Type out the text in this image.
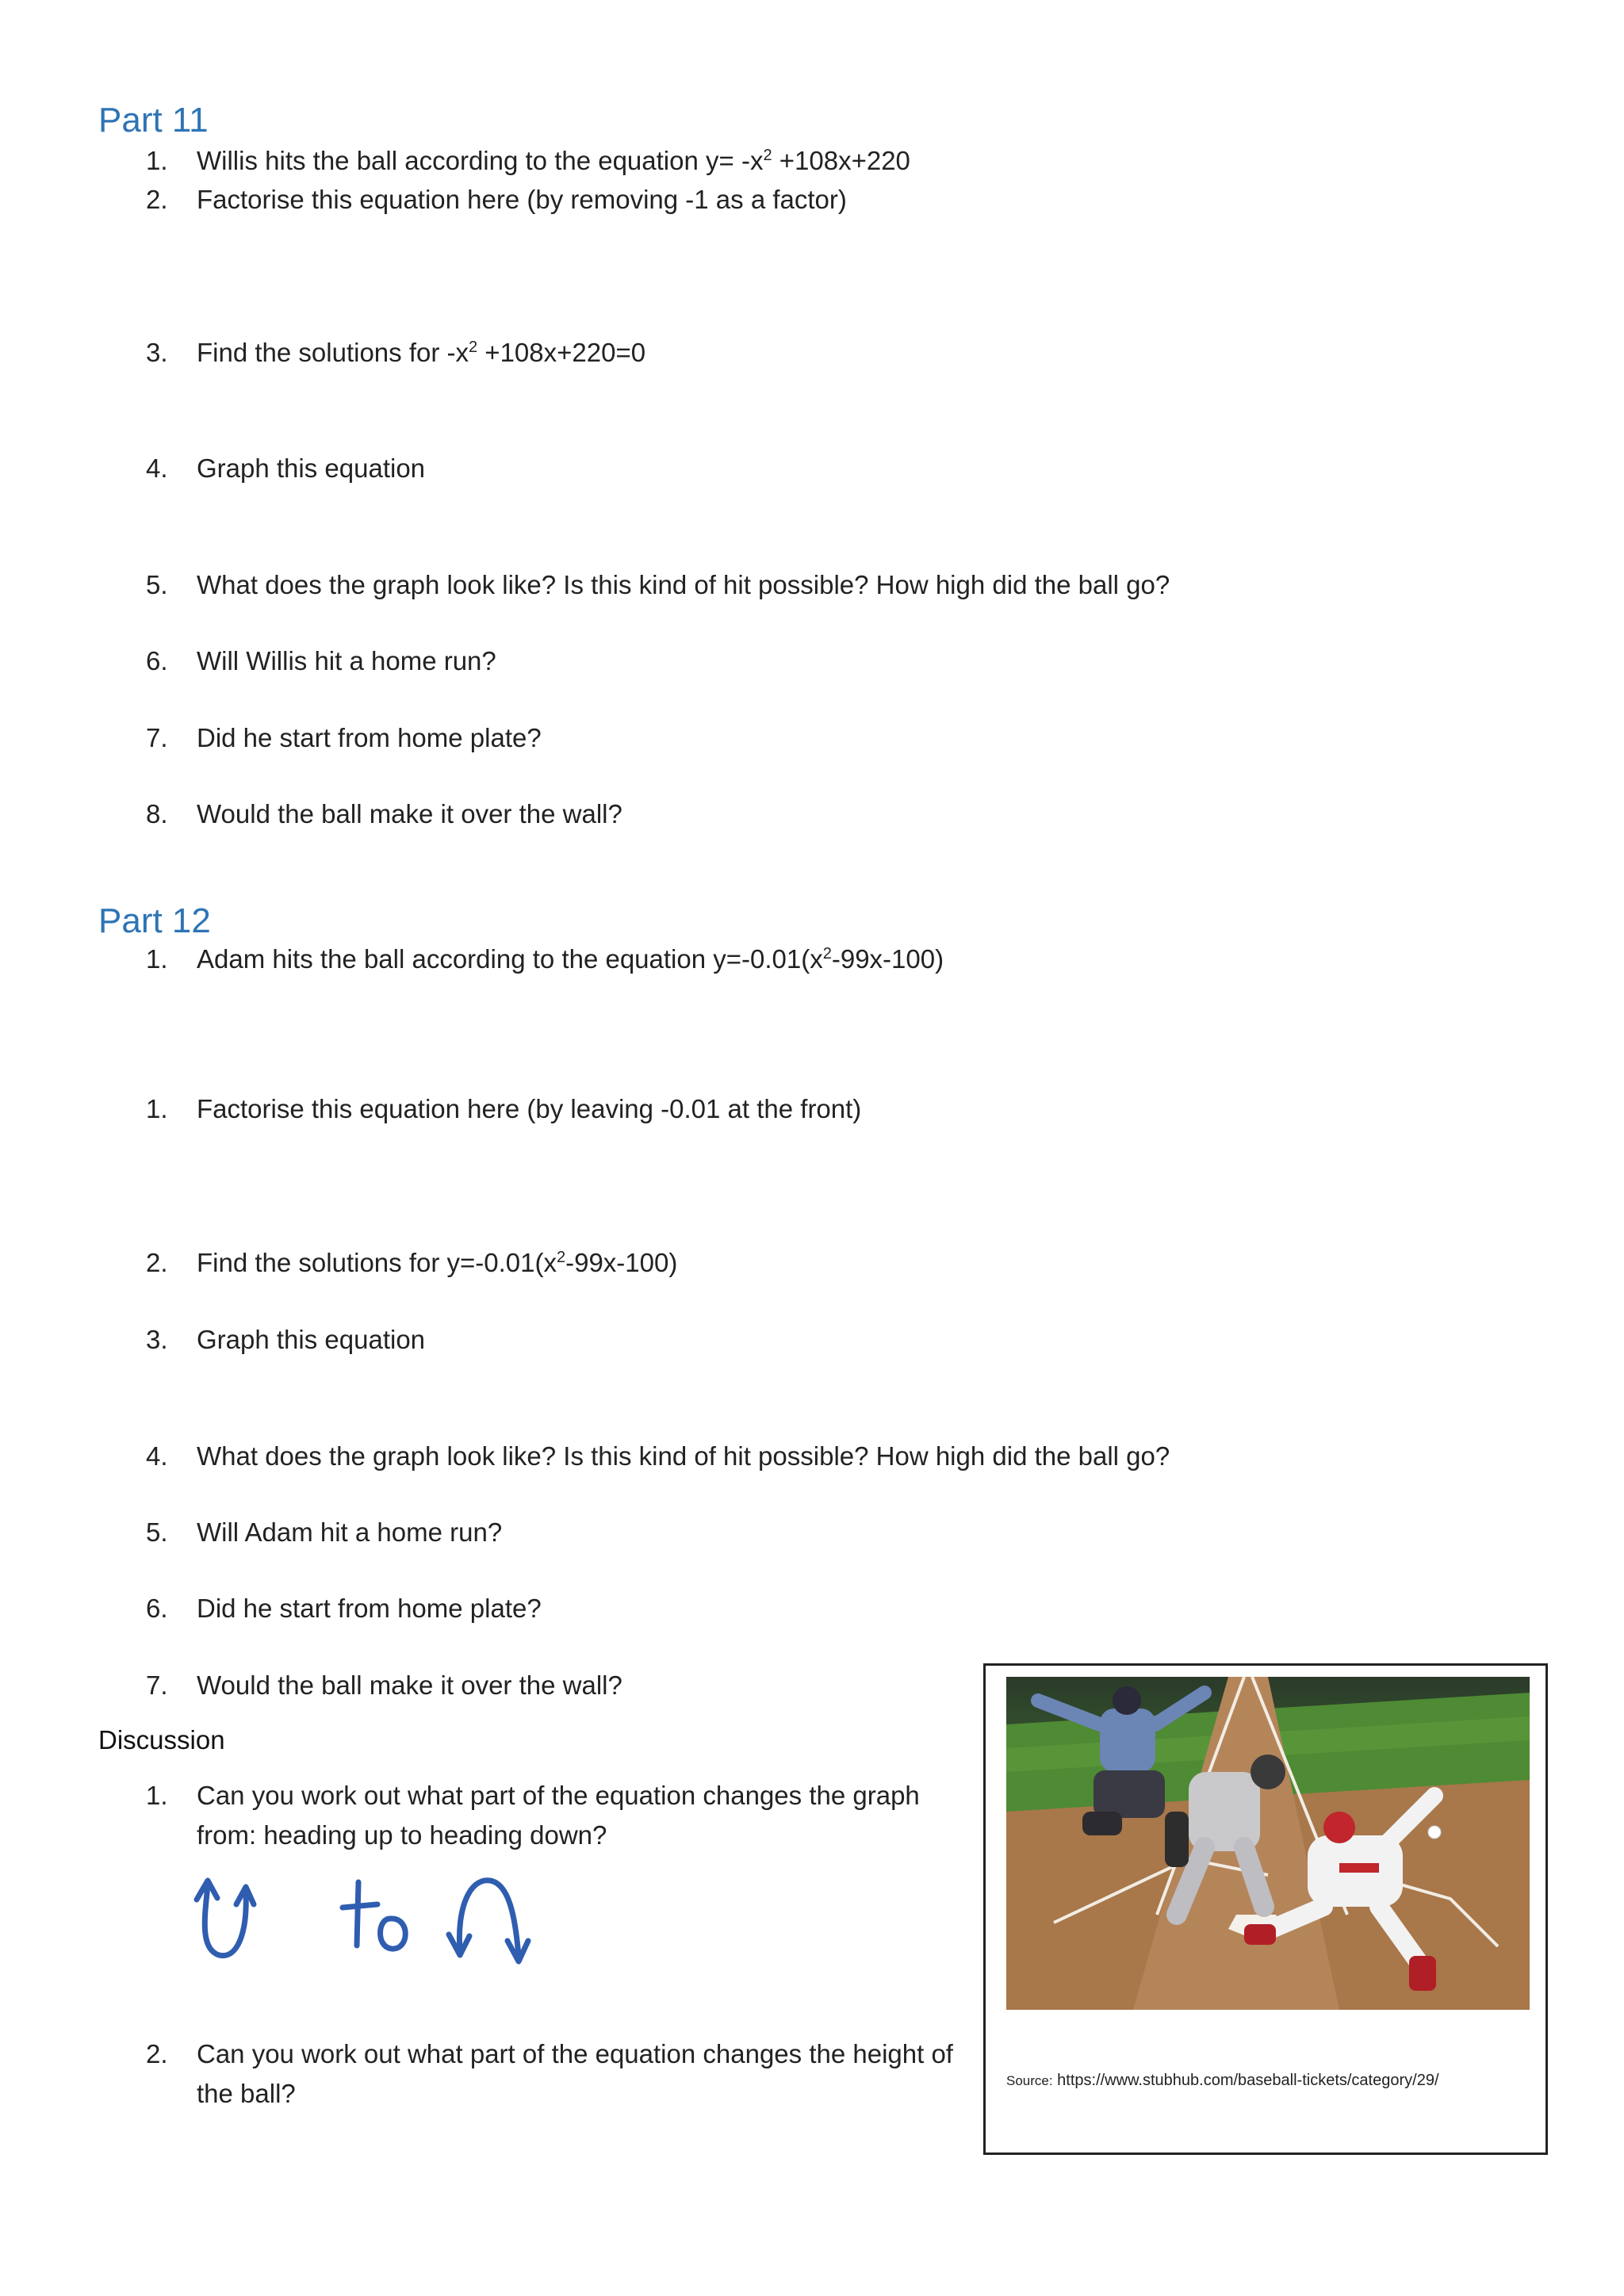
Part 11
1.	Willis hits the ball according to the equation $y= -x^2 +108x+220$
2.	Factorise this equation here (by removing -1 as a factor)
3.	Find the solutions for $-x^2 +108x+220=0$
4.	Graph this equation
5.	What does the graph look like? Is this kind of hit possible? How high did the ball go?
6.	Will Willis hit a home run?
7.	Did he start from home plate?
8.	Would the ball make it over the wall?
Part 12
1.	Adam hits the ball according to the equation $y=-0.01(x^2-99x-100)$
1.	Factorise this equation here (by leaving -0.01 at the front)
2.	Find the solutions for $y=-0.01(x^2-99x-100)$
3.	Graph this equation
4.	What does the graph look like? Is this kind of hit possible? How high did the ball go?
5.	Will Adam hit a home run?
6.	Did he start from home plate?
7.	Would the ball make it over the wall?
Discussion
1.	Can you work out what part of the equation changes the graph from: heading up to heading down?
to
2.	Can you work out what part of the equation changes the height of the ball?	Source: https://www.stubhub.com/baseball-tickets/category/29/
